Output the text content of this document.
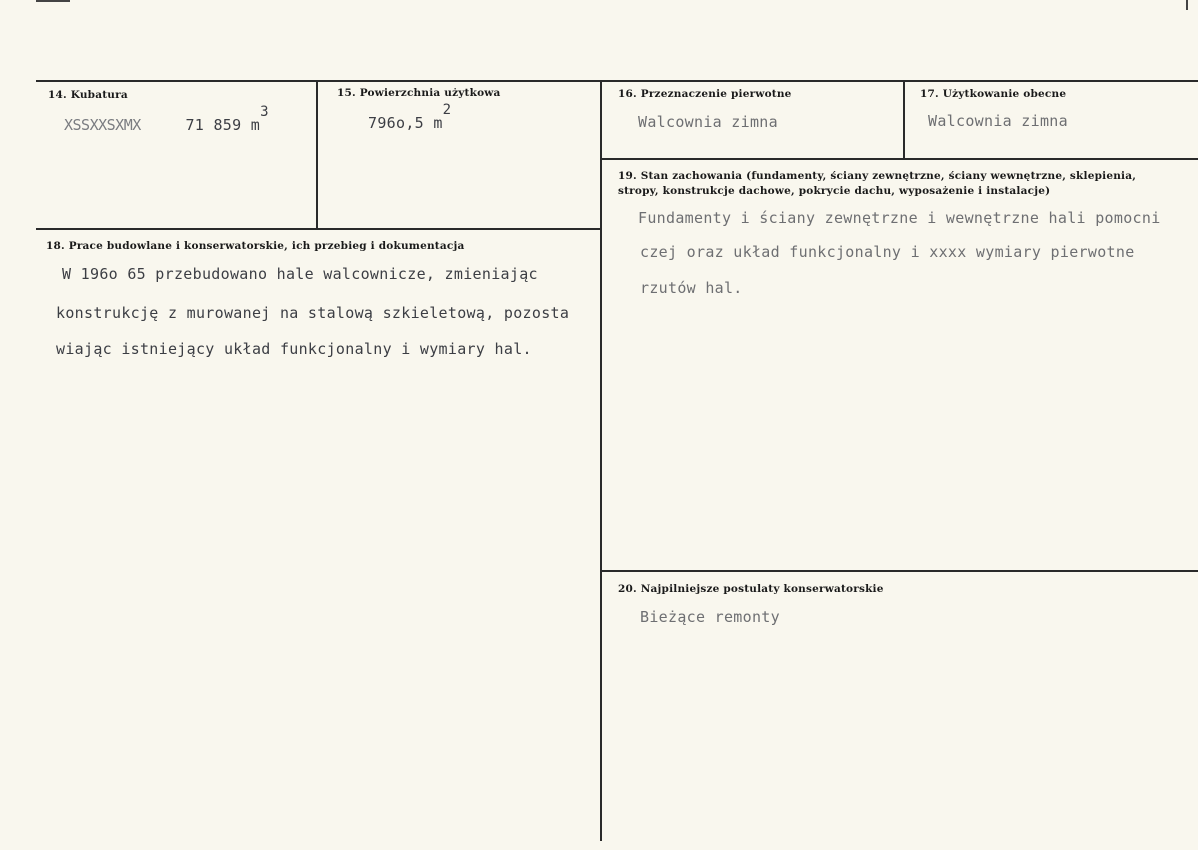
14. Kubatura
XSSXXSXMX	71 859 m3
15. Powierzchnia użytkowa
796o,5 m2
16. Przeznaczenie pierwotne
Walcownia zimna
17. Użytkowanie obecne
Walcownia zimna
18. Prace budowlane i konserwatorskie, ich przebieg i dokumentacja
W 196o 65 przebudowano hale walcownicze, zmieniając
konstrukcję z murowanej na stalową szkieletową, pozosta
wiając istniejący układ funkcjonalny i wymiary hal.
19. Stan zachowania (fundamenty, ściany zewnętrzne, ściany wewnętrzne, sklepienia, stropy, konstrukcje dachowe, pokrycie dachu, wyposażenie i instalacje)
Fundamenty i ściany zewnętrzne i wewnętrzne hali pomocni
czej oraz układ funkcjonalny i xxxx wymiary pierwotne
rzutów hal.
20. Najpilniejsze postulaty konserwatorskie
Bieżące remonty
